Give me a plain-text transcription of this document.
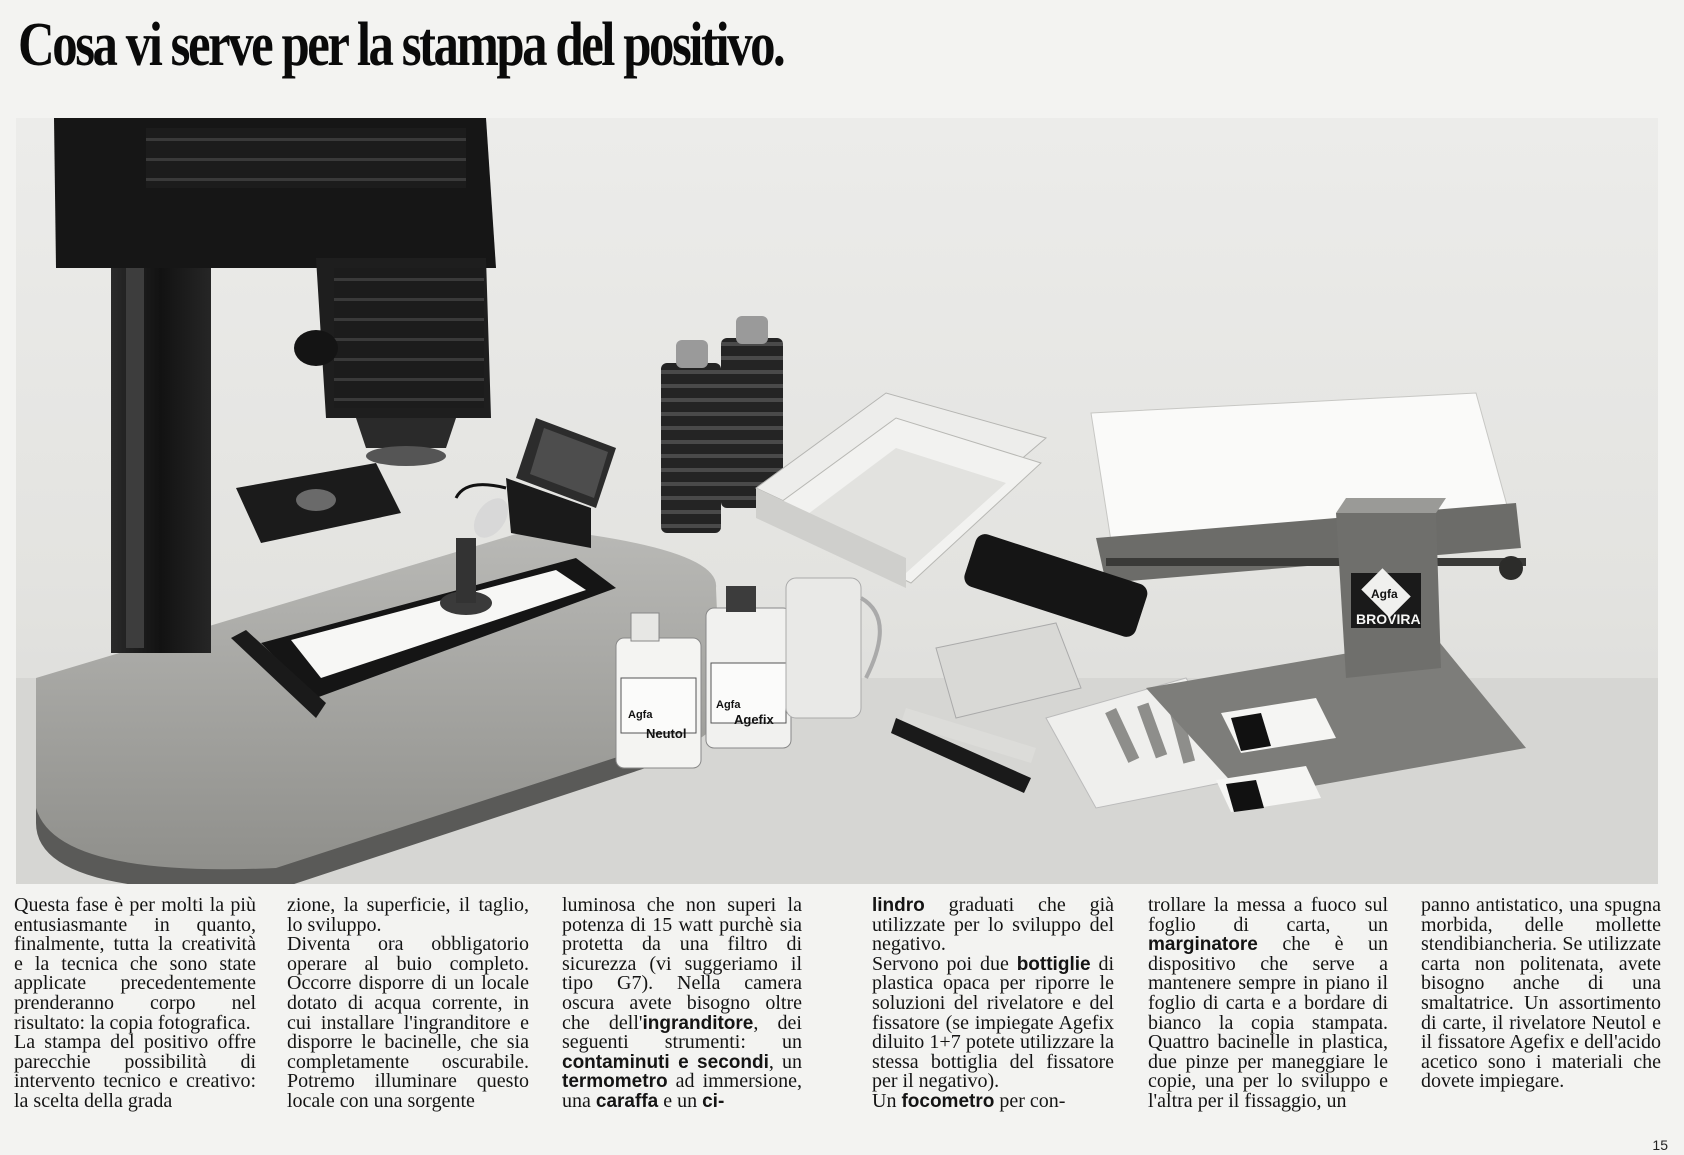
Cosa vi serve per la stampa del positivo.
Agfa
Neutol
Agfa
Agefix
Agfa
BROVIRA

Questa fase è per molti la più entusiasmante in quanto, finalmente, tutta la creatività e la tecnica che sono state applicate precedentemente prenderanno corpo nel risultato: la copia fotografica.

La stampa del positivo offre parecchie possibilità di intervento tecnico e creativo: la scelta della grada

zione, la superficie, il taglio, lo sviluppo.

Diventa ora obbligatorio operare al buio completo. Occorre disporre di un locale dotato di acqua corrente, in cui installare l'ingranditore e disporre le bacinelle, che sia completamente oscurabile. Potremo illuminare questo locale con una sorgente

luminosa che non superi la potenza di 15 watt purchè sia protetta da una filtro di sicurezza (vi suggeriamo il tipo G7). Nella camera oscura avete bisogno oltre che dell'ingranditore, dei seguenti strumenti: un contaminuti e secondi, un termometro ad immersione, una caraffa e un ci-

lindro graduati che già utilizzate per lo sviluppo del negativo.

Servono poi due bottiglie di plastica opaca per riporre le soluzioni del rivelatore e del fissatore (se impiegate Agefix diluito 1+7 potete utilizzare la stessa bottiglia del fissatore per il negativo).

Un focometro per con-

trollare la messa a fuoco sul foglio di carta, un marginatore che è un dispositivo che serve a mantenere sempre in piano il foglio di carta e a bordare di bianco la copia stampata. Quattro bacinelle in plastica, due pinze per maneggiare le copie, una per lo sviluppo e l'altra per il fissaggio, un

panno antistatico, una spugna morbida, delle mollette stendibiancheria. Se utilizzate carta non politenata, avete bisogno anche di una smaltatrice. Un assortimento di carte, il rivelatore Neutol e il fissatore Agefix e dell'acido acetico sono i materiali che dovete impiegare.

15
